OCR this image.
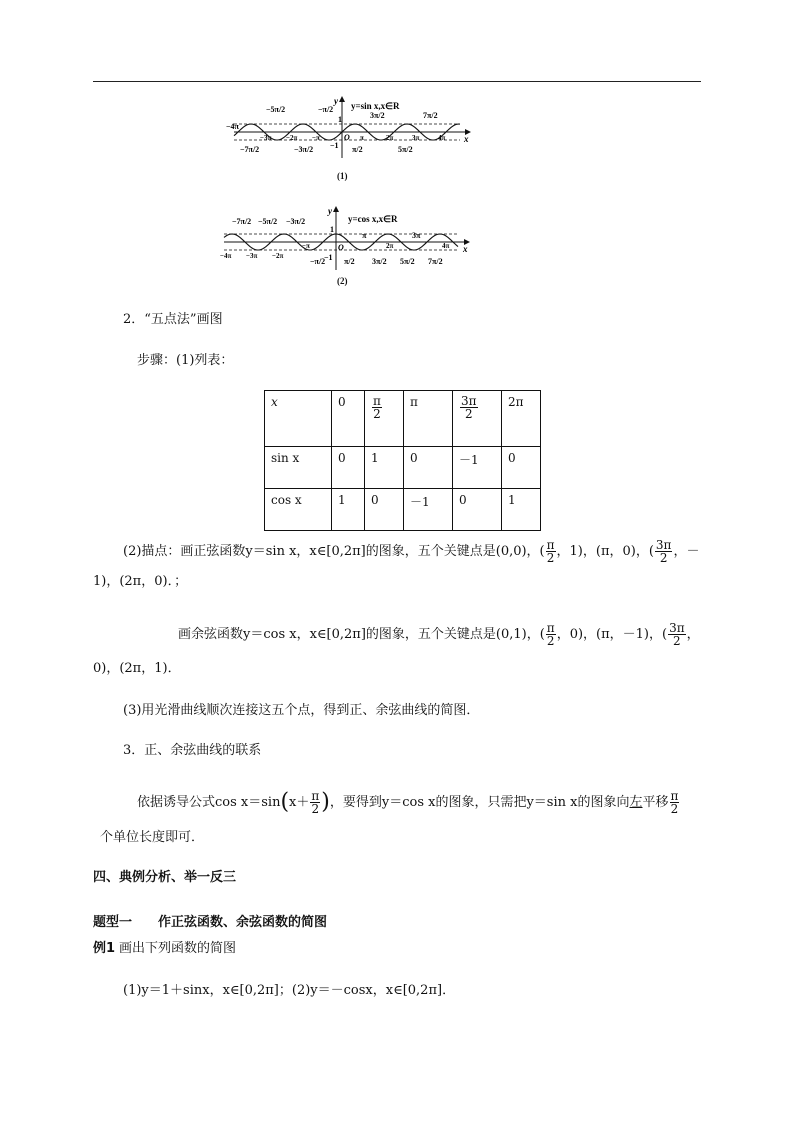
y=sin x,x∈R
y
x
−5π/2	−π/2
3π/2	7π/2
−4π
1
−1
O
−3π −2π −π	π	2π	3π	4π
−7π/2	−3π/2	π/2	5π/2
(1)
y=cos x,x∈R
y
x
−7π/2 −5π/2 −3π/2
1
π	3π
−4π −3π −2π
−π	O	2π	4π
−1
−π/2 π/2 3π/2 5π/2 7π/2
(2)
2．“五点法”画图
步骤：(1)列表：
x	0	$\frac{\pi}{2}$	π	$\frac{3\pi}{2}$	2π
sin x	0	1	0	－1	0
cos x	1	0	－1	0	1
(2)描点：画正弦函数y＝sin x，x∈[0,2π]的图象，五个关键点是(0,0)，( $\frac{\pi}{2}$ ，1)，(π，0)，( $\frac{3\pi}{2}$ ，－
1)，(2π，0)．；
画余弦函数y＝cos x，x∈[0,2π]的图象，五个关键点是(0,1)，( $\frac{\pi}{2}$ ，0)，(π，－1)，( $\frac{3\pi}{2}$ ，
0)，(2π，1)．
(3)用光滑曲线顺次连接这五个点，得到正、余弦曲线的简图．
3．正、余弦曲线的联系
依据诱导公式$\cos x=\sin(x+ \frac{\pi}{2}$ )，要得到y＝cos x的图象，只需把y＝sin x的图象向左平移 $\frac{\pi}{2}$
个单位长度即可．
四、典例分析、举一反三
题型一　　作正弦函数、余弦函数的简图
例1 画出下列函数的简图
(1)y＝1＋sinx，x∈[0,2π]；(2)y＝－cosx，x∈[0,2π]．
